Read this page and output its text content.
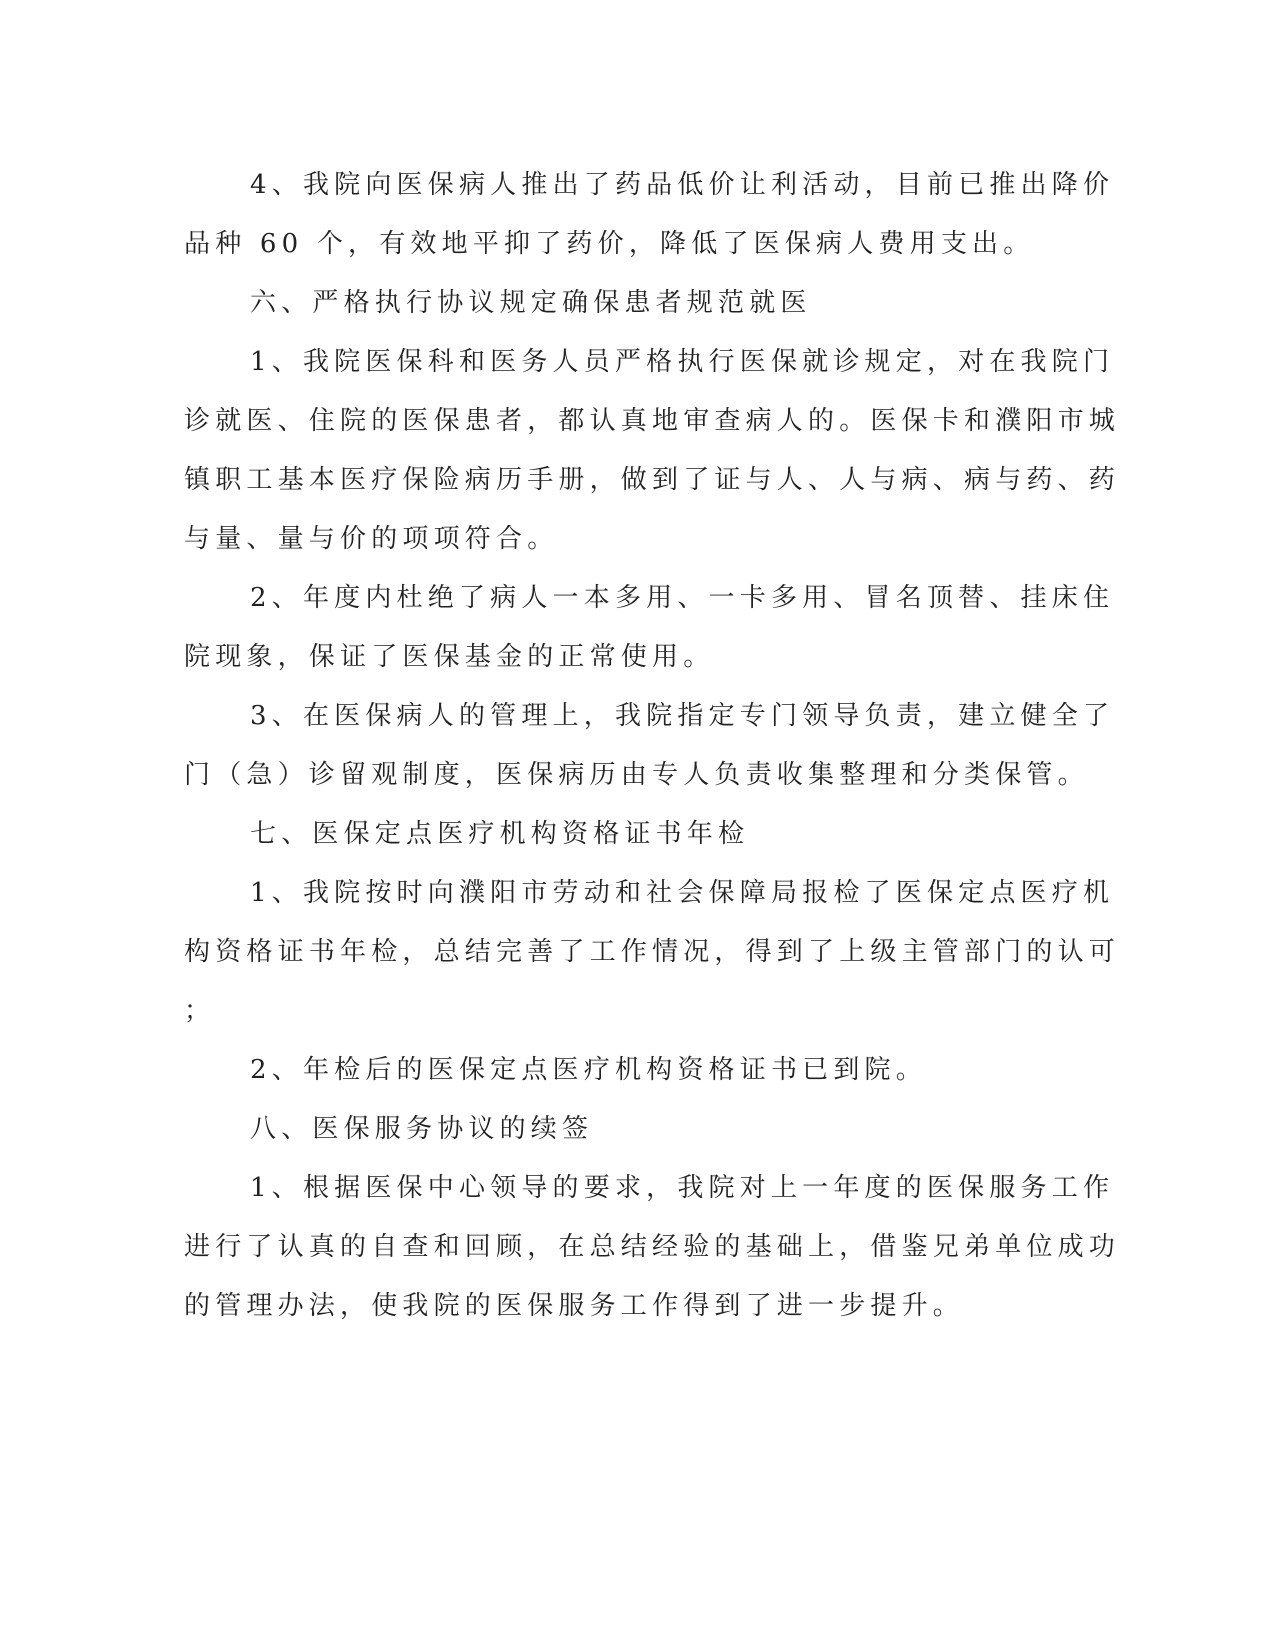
4、我院向医保病人推出了药品低价让利活动，目前已推出降价
品种 60 个，有效地平抑了药价，降低了医保病人费用支出。
六、严格执行协议规定确保患者规范就医
1、我院医保科和医务人员严格执行医保就诊规定，对在我院门
诊就医、住院的医保患者，都认真地审查病人的。医保卡和濮阳市城
镇职工基本医疗保险病历手册，做到了证与人、人与病、病与药、药
与量、量与价的项项符合。
2、年度内杜绝了病人一本多用、一卡多用、冒名顶替、挂床住
院现象，保证了医保基金的正常使用。
3、在医保病人的管理上，我院指定专门领导负责，建立健全了
门（急）诊留观制度，医保病历由专人负责收集整理和分类保管。
七、医保定点医疗机构资格证书年检
1、我院按时向濮阳市劳动和社会保障局报检了医保定点医疗机
构资格证书年检，总结完善了工作情况，得到了上级主管部门的认可
；
2、年检后的医保定点医疗机构资格证书已到院。
八、医保服务协议的续签
1、根据医保中心领导的要求，我院对上一年度的医保服务工作
进行了认真的自查和回顾，在总结经验的基础上，借鉴兄弟单位成功
的管理办法，使我院的医保服务工作得到了进一步提升。
